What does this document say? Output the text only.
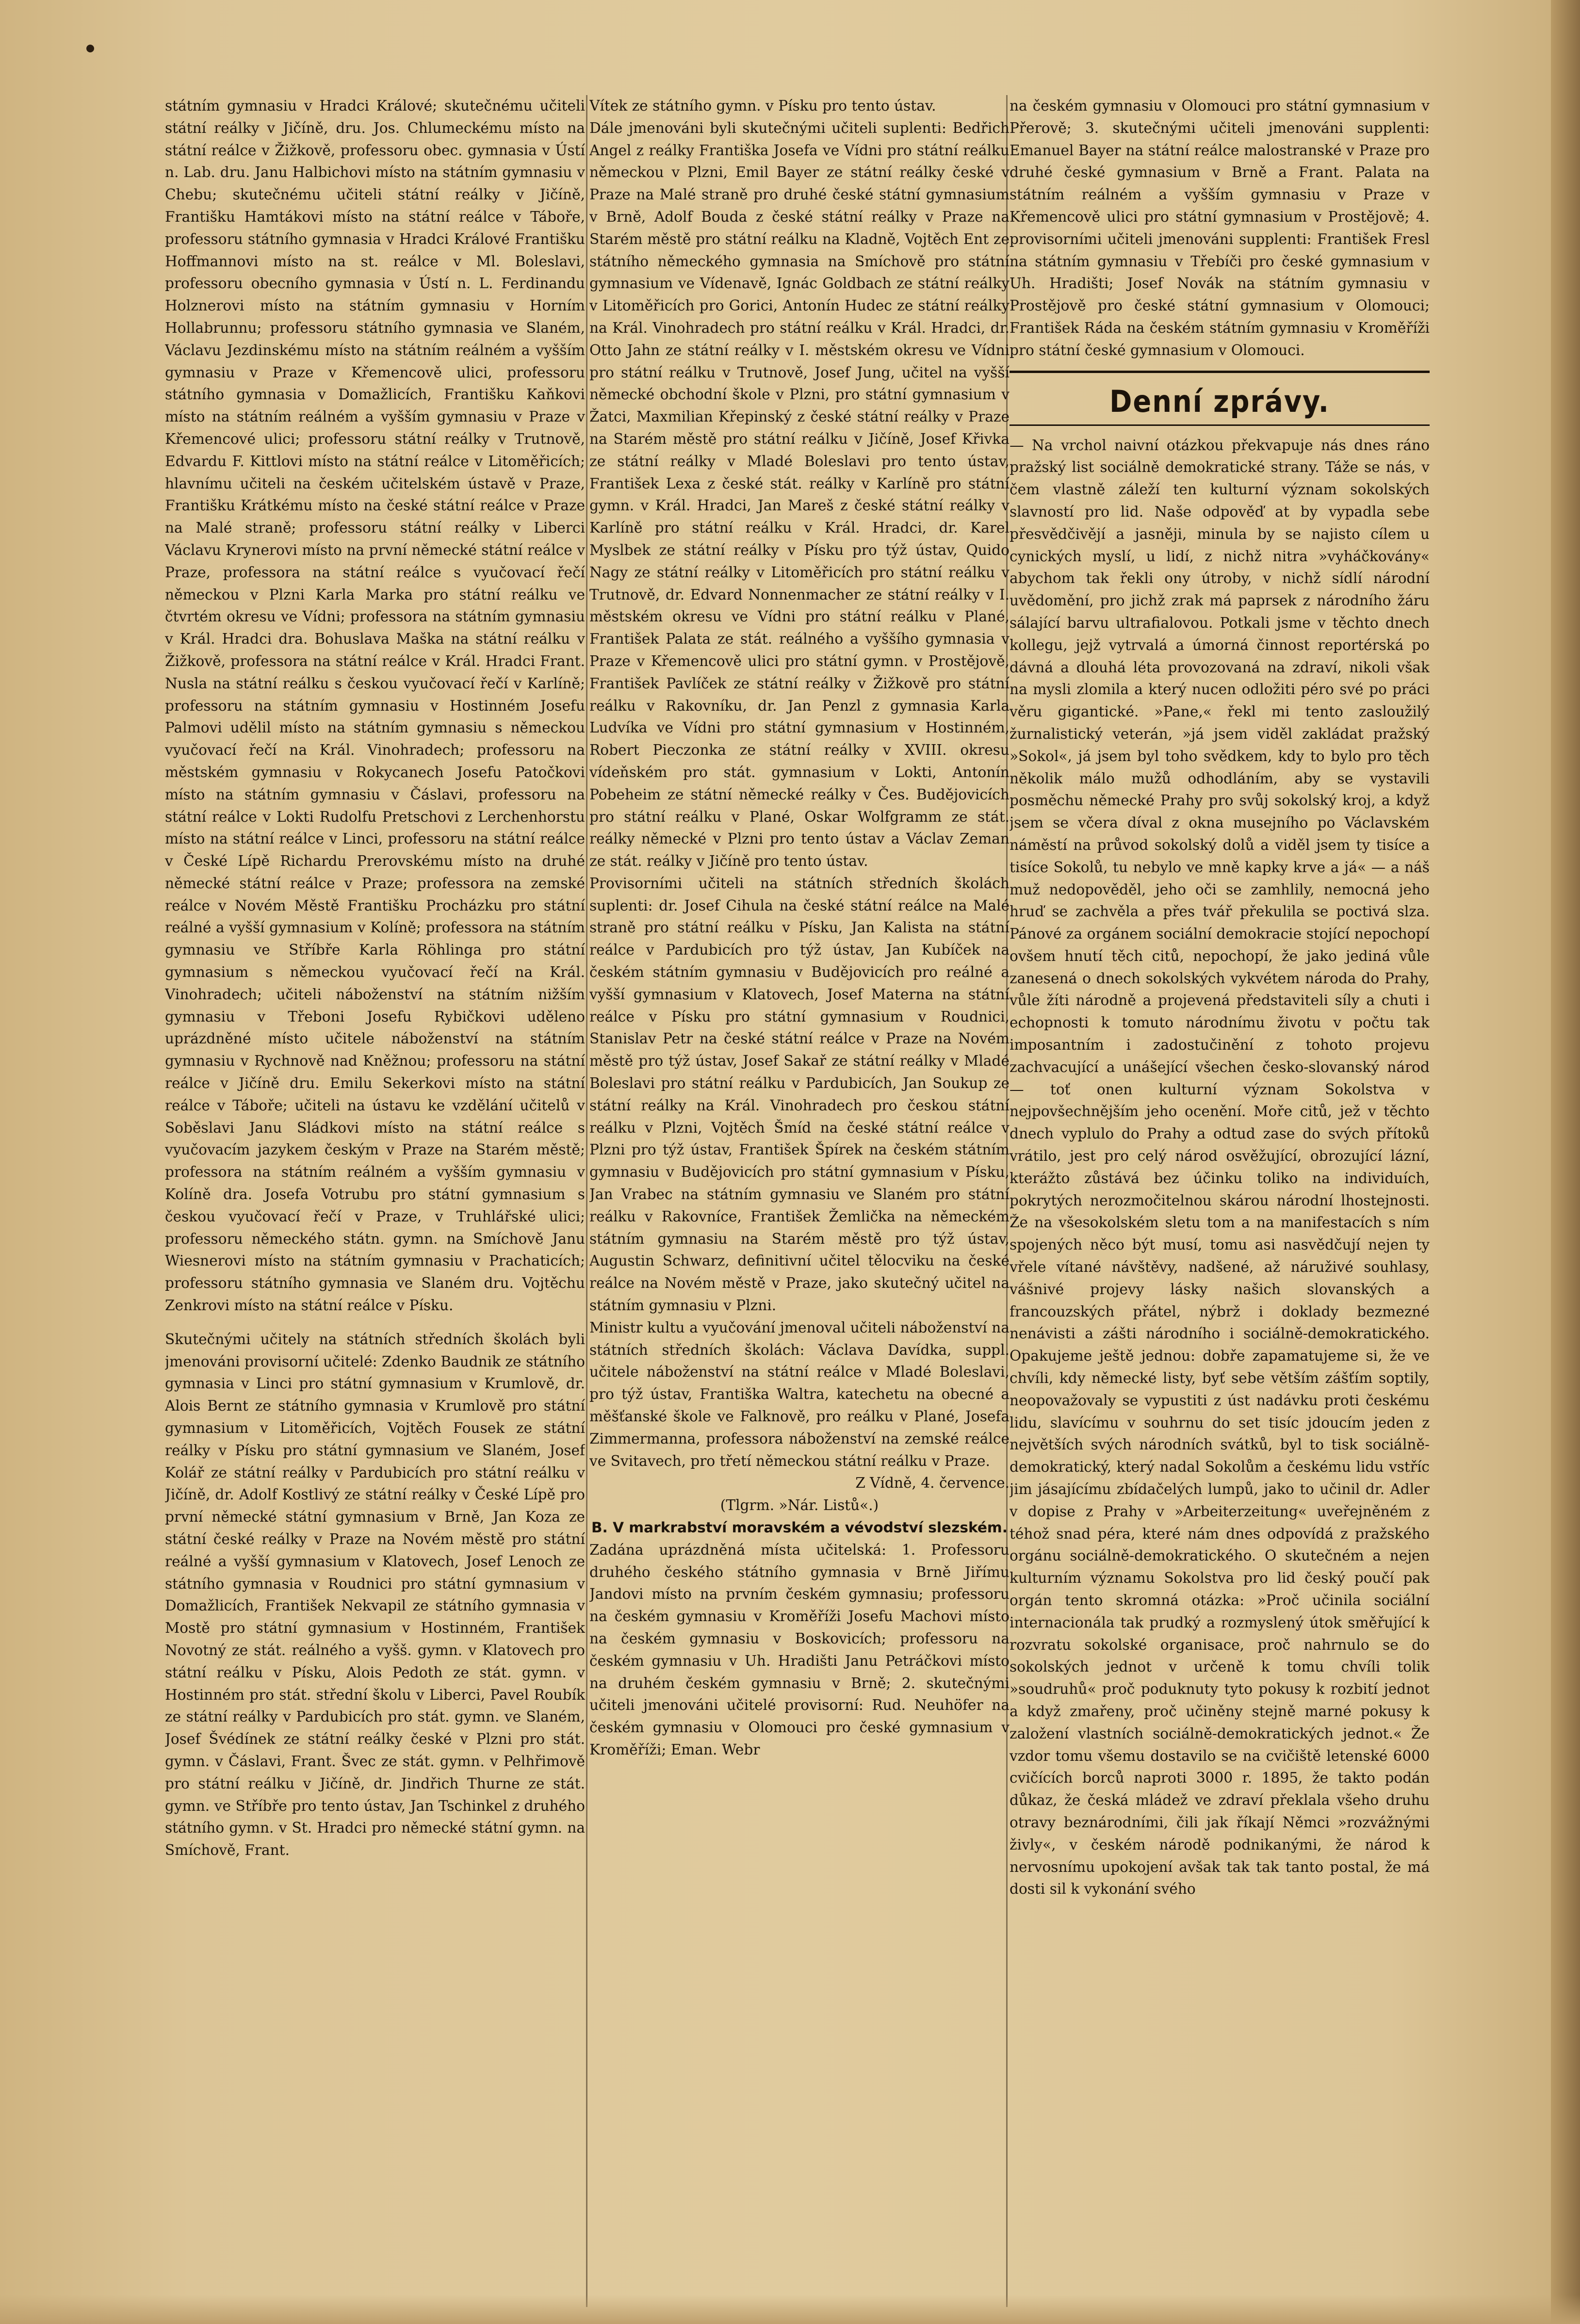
státním gymnasiu v Hradci Králové; skutečnému učiteli státní reálky v Jičíně, dru. Jos. Chlumeckému místo na státní reálce v Žižkově, professoru obec. gymnasia v Ústí n. Lab. dru. Janu Halbichovi místo na státním gymnasiu v Chebu; skutečnému učiteli státní reálky v Jičíně, Františku Hamtákovi místo na státní reálce v Táboře, professoru státního gymnasia v Hradci Králové Františku Hoffmannovi místo na st. reálce v Ml. Boleslavi, professoru obecního gymnasia v Ústí n. L. Ferdinandu Holznerovi místo na státním gymnasiu v Horním Hollabrunnu; professoru státního gymnasia ve Slaném, Václavu Jezdinskému místo na státním reálném a vyšším gymnasiu v Praze v Křemencově ulici, professoru státního gymnasia v Domažlicích, Františku Kaňkovi místo na státním reálném a vyšším gymnasiu v Praze v Křemencové ulici; professoru státní reálky v Trutnově, Edvardu F. Kittlovi místo na státní reálce v Litoměřicích; hlavnímu učiteli na českém učitelském ústavě v Praze, Františku Krátkému místo na české státní reálce v Praze na Malé straně; professoru státní reálky v Liberci Václavu Krynerovi místo na první německé státní reálce v Praze, professora na státní reálce s vyučovací řečí německou v Plzni Karla Marka pro státní reálku ve čtvrtém okresu ve Vídni; professora na státním gymnasiu v Král. Hradci dra. Bohuslava Maška na státní reálku v Žižkově, professora na státní reálce v Král. Hradci Frant. Nusla na státní reálku s českou vyučovací řečí v Karlíně; professoru na státním gymnasiu v Hostinném Josefu Palmovi udělil místo na státním gymnasiu s německou vyučovací řečí na Král. Vinohradech; professoru na městském gymnasiu v Rokycanech Josefu Patočkovi místo na státním gymnasiu v Čáslavi, professoru na státní reálce v Lokti Rudolfu Pretschovi z Lerchenhorstu místo na státní reálce v Linci, professoru na státní reálce v České Lípě Richardu Prerovskému místo na druhé německé státní reálce v Praze; professora na zemské reálce v Novém Městě Františku Procházku pro státní reálné a vyšší gymnasium v Kolíně; professora na státním gymnasiu ve Stříbře Karla Röhlinga pro státní gymnasium s německou vyučovací řečí na Král. Vinohradech; učiteli náboženství na státním nižším gymnasiu v Třeboni Josefu Rybičkovi uděleno uprázdněné místo učitele náboženství na státním gymnasiu v Rychnově nad Kněžnou; professoru na státní reálce v Jičíně dru. Emilu Sekerkovi místo na státní reálce v Táboře; učiteli na ústavu ke vzdělání učitelů v Soběslavi Janu Sládkovi místo na státní reálce s vyučovacím jazykem českým v Praze na Starém městě; professora na státním reálném a vyšším gymnasiu v Kolíně dra. Josefa Votrubu pro státní gymnasium s českou vyučovací řečí v Praze, v Truhlářské ulici; professoru německého státn. gymn. na Smíchově Janu Wiesnerovi místo na státním gymnasiu v Prachaticích; professoru státního gymnasia ve Slaném dru. Vojtěchu Zenkrovi místo na státní reálce v Písku.

Skutečnými učitely na státních středních školách byli jmenováni provisorní učitelé: Zdenko Baudnik ze státního gymnasia v Linci pro státní gymnasium v Krumlově, dr. Alois Bernt ze státního gymnasia v Krumlově pro státní gymnasium v Litoměřicích, Vojtěch Fousek ze státní reálky v Písku pro státní gymnasium ve Slaném, Josef Kolář ze státní reálky v Pardubicích pro státní reálku v Jičíně, dr. Adolf Kostlivý ze státní reálky v České Lípě pro první německé státní gymnasium v Brně, Jan Koza ze státní české reálky v Praze na Novém městě pro státní reálné a vyšší gymnasium v Klatovech, Josef Lenoch ze státního gymnasia v Roudnici pro státní gymnasium v Domažlicích, František Nekvapil ze státního gymnasia v Mostě pro státní gymnasium v Hostinném, František Novotný ze stát. reálného a vyšš. gymn. v Klatovech pro státní reálku v Písku, Alois Pedoth ze stát. gymn. v Hostinném pro stát. střední školu v Liberci, Pavel Roubík ze státní reálky v Pardubicích pro stát. gymn. ve Slaném, Josef Švédínek ze státní reálky české v Plzni pro stát. gymn. v Čáslavi, Frant. Švec ze stát. gymn. v Pelhřimově pro státní reálku v Jičíně, dr. Jindřich Thurne ze stát. gymn. ve Stříbře pro tento ústav, Jan Tschinkel z druhého státního gymn. v St. Hradci pro německé státní gymn. na Smíchově, Frant.

Vítek ze státního gymn. v Písku pro tento ústav.

Dále jmenováni byli skutečnými učiteli suplenti: Bedřich Angel z reálky Františka Josefa ve Vídni pro státní reálku německou v Plzni, Emil Bayer ze státní reálky české v Praze na Malé straně pro druhé české státní gymnasium v Brně, Adolf Bouda z české státní reálky v Praze na Starém městě pro státní reálku na Kladně, Vojtěch Ent ze státního německého gymnasia na Smíchově pro státní gymnasium ve Vídenavě, Ignác Goldbach ze státní reálky v Litoměřicích pro Gorici, Antonín Hudec ze státní reálky na Král. Vinohradech pro státní reálku v Král. Hradci, dr. Otto Jahn ze státní reálky v I. městském okresu ve Vídni pro státní reálku v Trutnově, Josef Jung, učitel na vyšší německé obchodní škole v Plzni, pro státní gymnasium v Žatci, Maxmilian Křepinský z české státní reálky v Praze na Starém městě pro státní reálku v Jičíně, Josef Křivka ze státní reálky v Mladé Boleslavi pro tento ústav, František Lexa z české stát. reálky v Karlíně pro státní gymn. v Král. Hradci, Jan Mareš z české státní reálky v Karlíně pro státní reálku v Král. Hradci, dr. Karel Myslbek ze státní reálky v Písku pro týž ústav, Quido Nagy ze státní reálky v Litoměřicích pro státní reálku v Trutnově, dr. Edvard Nonnenmacher ze státní reálky v I. městském okresu ve Vídni pro státní reálku v Plané, František Palata ze stát. reálného a vyššího gymnasia v Praze v Křemencově ulici pro státní gymn. v Prostějově, František Pavlíček ze státní reálky v Žižkově pro státní reálku v Rakovníku, dr. Jan Penzl z gymnasia Karla Ludvíka ve Vídni pro státní gymnasium v Hostinném, Robert Pieczonka ze státní reálky v XVIII. okresu vídeňském pro stát. gymnasium v Lokti, Antonín Pobeheim ze státní německé reálky v Čes. Budějovicích pro státní reálku v Plané, Oskar Wolfgramm ze stát. reálky německé v Plzni pro tento ústav a Václav Zeman ze stát. reálky v Jičíně pro tento ústav.

Provisorními učiteli na státních středních školách suplenti: dr. Josef Cihula na české státní reálce na Malé straně pro státní reálku v Písku, Jan Kalista na státní reálce v Pardubicích pro týž ústav, Jan Kubíček na českém státním gymnasiu v Budějovicích pro reálné a vyšší gymnasium v Klatovech, Josef Materna na státní reálce v Písku pro státní gymnasium v Roudnici, Stanislav Petr na české státní reálce v Praze na Novém městě pro týž ústav, Josef Sakař ze státní reálky v Mladé Boleslavi pro státní reálku v Pardubicích, Jan Soukup ze státní reálky na Král. Vinohradech pro českou státní reálku v Plzni, Vojtěch Šmíd na české státní reálce v Plzni pro týž ústav, František Špírek na českém státním gymnasiu v Budějovicích pro státní gymnasium v Písku, Jan Vrabec na státním gymnasiu ve Slaném pro státní reálku v Rakovníce, František Žemlička na německém státním gymnasiu na Starém městě pro týž ústav, Augustin Schwarz, definitivní učitel tělocviku na české reálce na Novém městě v Praze, jako skutečný učitel na státním gymnasiu v Plzni.

Ministr kultu a vyučování jmenoval učiteli náboženství na státních středních školách: Václava Davídka, suppl. učitele náboženství na státní reálce v Mladé Boleslavi, pro týž ústav, Františka Waltra, katechetu na obecné a měšťanské škole ve Falknově, pro reálku v Plané, Josefa Zimmermanna, professora náboženství na zemské reálce ve Svitavech, pro třetí německou státní reálku v Praze.

Z Vídně, 4. července.

(Tlgrm. »Nár. Listů«.)

B. V markrabství moravském a vévodství slezském.

Zadána uprázdněná místa učitelská: 1. Professoru druhého českého státního gymnasia v Brně Jiřímu Jandovi místo na prvním českém gymnasiu; professoru na českém gymnasiu v Kroměříži Josefu Machovi místo na českém gymnasiu v Boskovicích; professoru na českém gymnasiu v Uh. Hradišti Janu Petráčkovi místo na druhém českém gymnasiu v Brně; 2. skutečnými učiteli jmenováni učitelé provisorní: Rud. Neuhöfer na českém gymnasiu v Olomouci pro české gymnasium v Kroměříži; Eman. Webr

na českém gymnasiu v Olomouci pro státní gymnasium v Přerově; 3. skutečnými učiteli jmenováni supplenti: Emanuel Bayer na státní reálce malostranské v Praze pro druhé české gymnasium v Brně a Frant. Palata na státním reálném a vyšším gymnasiu v Praze v Křemencově ulici pro státní gymnasium v Prostějově; 4. provisorními učiteli jmenováni supplenti: František Fresl na státním gymnasiu v Třebíči pro české gymnasium v Uh. Hradišti; Josef Novák na státním gymnasiu v Prostějově pro české státní gymnasium v Olomouci; František Ráda na českém státním gymnasiu v Kroměříži pro státní české gymnasium v Olomouci.

Denní zprávy.

— Na vrchol naivní otázkou překvapuje nás dnes ráno pražský list sociálně demokratické strany. Táže se nás, v čem vlastně záleží ten kulturní význam sokolských slavností pro lid. Naše odpověď at by vypadla sebe přesvědčivějí a jasněji, minula by se najisto cílem u cynických myslí, u lidí, z nichž nitra »vyháčkovány« abychom tak řekli ony útroby, v nichž sídlí národní uvědomění, pro jichž zrak má paprsek z národního žáru sálající barvu ultrafialovou. Potkali jsme v těchto dnech kollegu, jejž vytrvalá a úmorná činnost reportérská po dávná a dlouhá léta provozovaná na zdraví, nikoli však na mysli zlomila a který nucen odložiti péro své po práci věru gigantické. »Pane,« řekl mi tento zasloužilý žurnalistický veterán, »já jsem viděl zakládat pražský »Sokol«, já jsem byl toho svědkem, kdy to bylo pro těch několik málo mužů odhodláním, aby se vystavili posměchu německé Prahy pro svůj sokolský kroj, a když jsem se včera díval z okna musejního po Václavském náměstí na průvod sokolský dolů a viděl jsem ty tisíce a tisíce Sokolů, tu nebylo ve mně kapky krve a já« — a náš muž nedopověděl, jeho oči se zamhlily, nemocná jeho hruď se zachvěla a přes tvář překulila se poctivá slza. Pánové za orgánem sociální demokracie stojící nepochopí ovšem hnutí těch citů, nepochopí, že jako jediná vůle zanesená o dnech sokolských vykvétem národa do Prahy, vůle žíti národně a projevená představiteli síly a chuti i echopnosti k tomuto národnímu životu v počtu tak imposantním i zadostučinění z tohoto projevu zachvacující a unášející všechen česko-slovanský národ — toť onen kulturní význam Sokolstva v nejpovšechnějším jeho ocenění. Moře citů, jež v těchto dnech vyplulo do Prahy a odtud zase do svých přítoků vrátilo, jest pro celý národ osvěžující, obrozující lázní, kterážto zůstává bez účinku toliko na individuích, pokrytých nerozmočitelnou skárou národní lhostejnosti. Že na všesokolském sletu tom a na manifestacích s ním spojených něco být musí, tomu asi nasvědčují nejen ty vřele vítané návštěvy, nadšené, až náruživé souhlasy, vášnivé projevy lásky našich slovanských a francouzských přátel, nýbrž i doklady bezmezné nenávisti a zášti národního i sociálně-demokratického. Opakujeme ještě jednou: dobře zapamatujeme si, že ve chvíli, kdy německé listy, byť sebe větším zášťím soptily, neopovažovaly se vypustiti z úst nadávku proti českému lidu, slavícímu v souhrnu do set tisíc jdoucím jeden z největších svých národních svátků, byl to tisk sociálně-demokratický, který nadal Sokolům a českému lidu vstříc jim jásajícímu zbídačelých lumpů, jako to učinil dr. Adler v dopise z Prahy v »Arbeiterzeitung« uveřejněném z téhož snad péra, které nám dnes odpovídá z pražského orgánu sociálně-demokratického. O skutečném a nejen kulturním významu Sokolstva pro lid český poučí pak orgán tento skromná otázka: »Proč učinila sociální internacionála tak prudký a rozmyslený útok směřující k rozvratu sokolské organisace, proč nahrnulo se do sokolských jednot v určeně k tomu chvíli tolik »soudruhů« proč poduknuty tyto pokusy k rozbití jednot a když zmařeny, proč učiněny stejně marné pokusy k založení vlastních sociálně-demokratických jednot.« Že vzdor tomu všemu dostavilo se na cvičiště letenské 6000 cvičících borců naproti 3000 r. 1895, že takto podán důkaz, že česká mládež ve zdraví překlala všeho druhu otravy beznárodními, čili jak říkají Němci »rozvážnými živly«, v českém národě podnikanými, že národ k nervosnímu upokojení avšak tak tak tanto postal, že má dosti sil k vykonání svého
